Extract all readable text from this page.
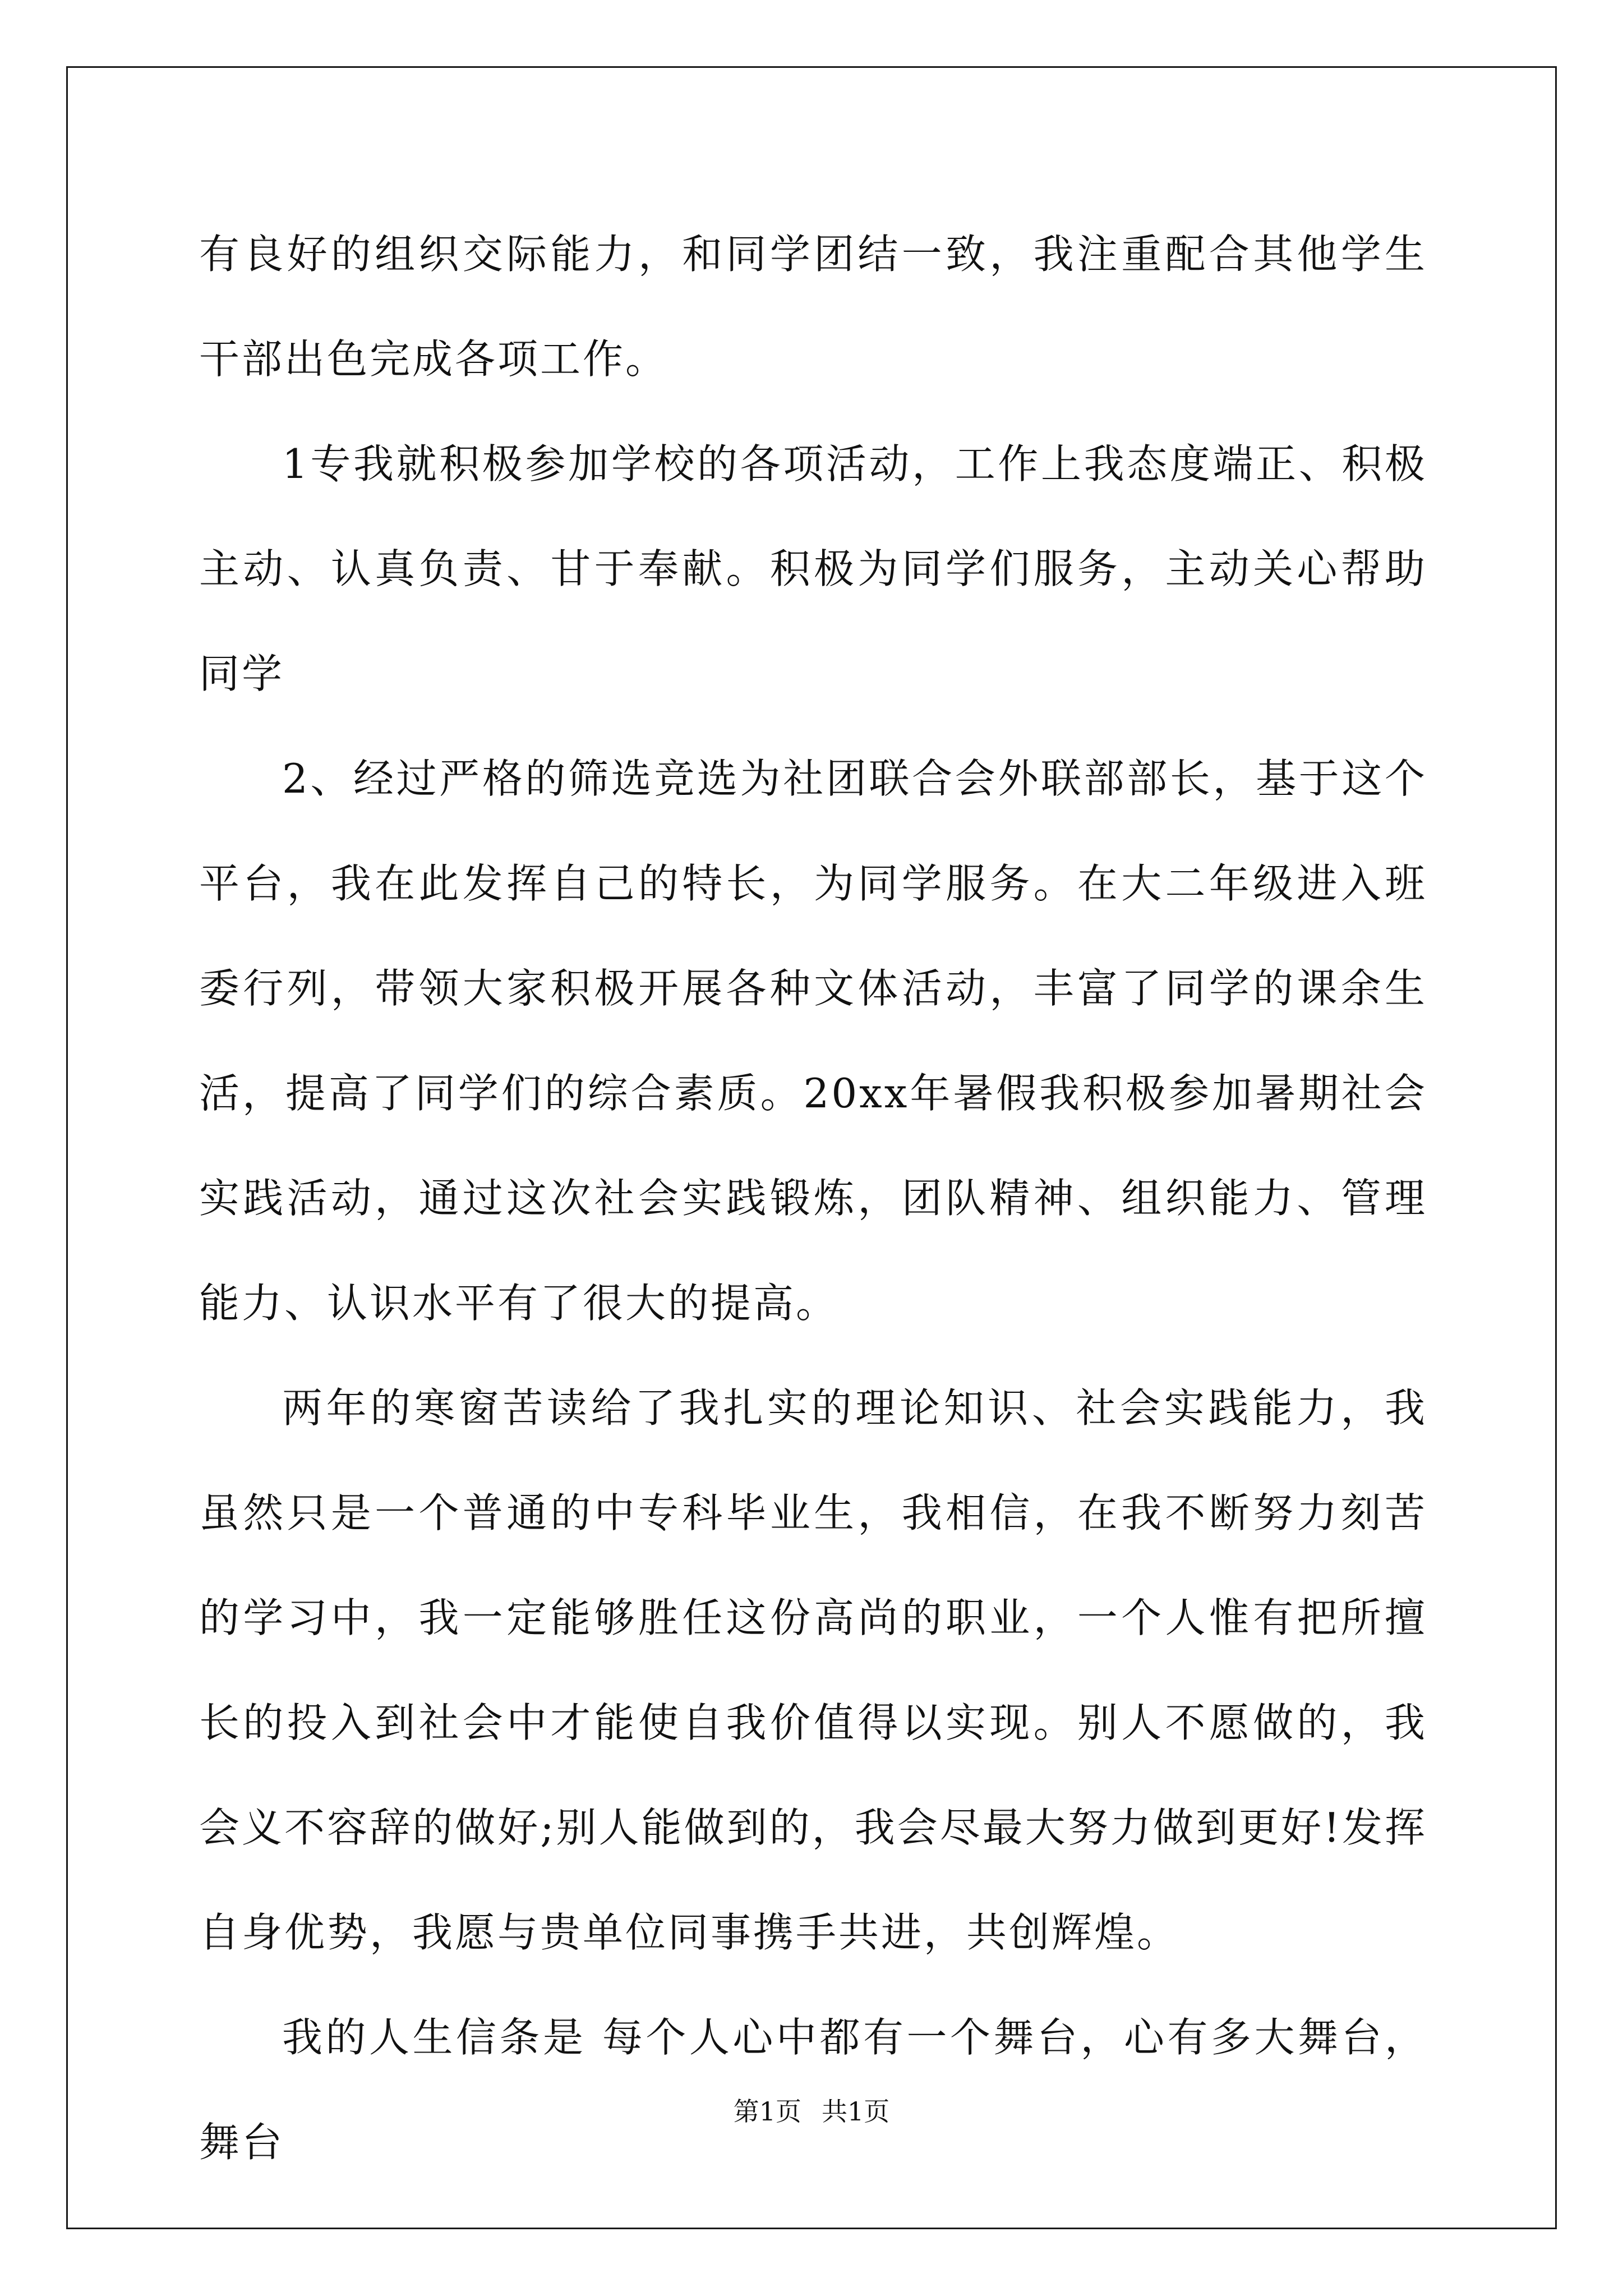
有良好的组织交际能力，和同学团结一致，我注重配合其他学生干部出色完成各项工作。

1专我就积极参加学校的各项活动，工作上我态度端正、积极主动、认真负责、甘于奉献。积极为同学们服务，主动关心帮助同学

2、经过严格的筛选竞选为社团联合会外联部部长，基于这个平台，我在此发挥自己的特长，为同学服务。在大二年级进入班委行列，带领大家积极开展各种文体活动，丰富了同学的课余生活，提高了同学们的综合素质。20xx年暑假我积极参加暑期社会实践活动，通过这次社会实践锻炼，团队精神、组织能力、管理能力、认识水平有了很大的提高。

两年的寒窗苦读给了我扎实的理论知识、社会实践能力，我虽然只是一个普通的中专科毕业生，我相信，在我不断努力刻苦的学习中，我一定能够胜任这份高尚的职业，一个人惟有把所擅长的投入到社会中才能使自我价值得以实现。别人不愿做的，我会义不容辞的做好;别人能做到的，我会尽最大努力做到更好!发挥自身优势，我愿与贵单位同事携手共进，共创辉煌。

我的人生信条是 每个人心中都有一个舞台，心有多大舞台，舞台

第1页 共1页
